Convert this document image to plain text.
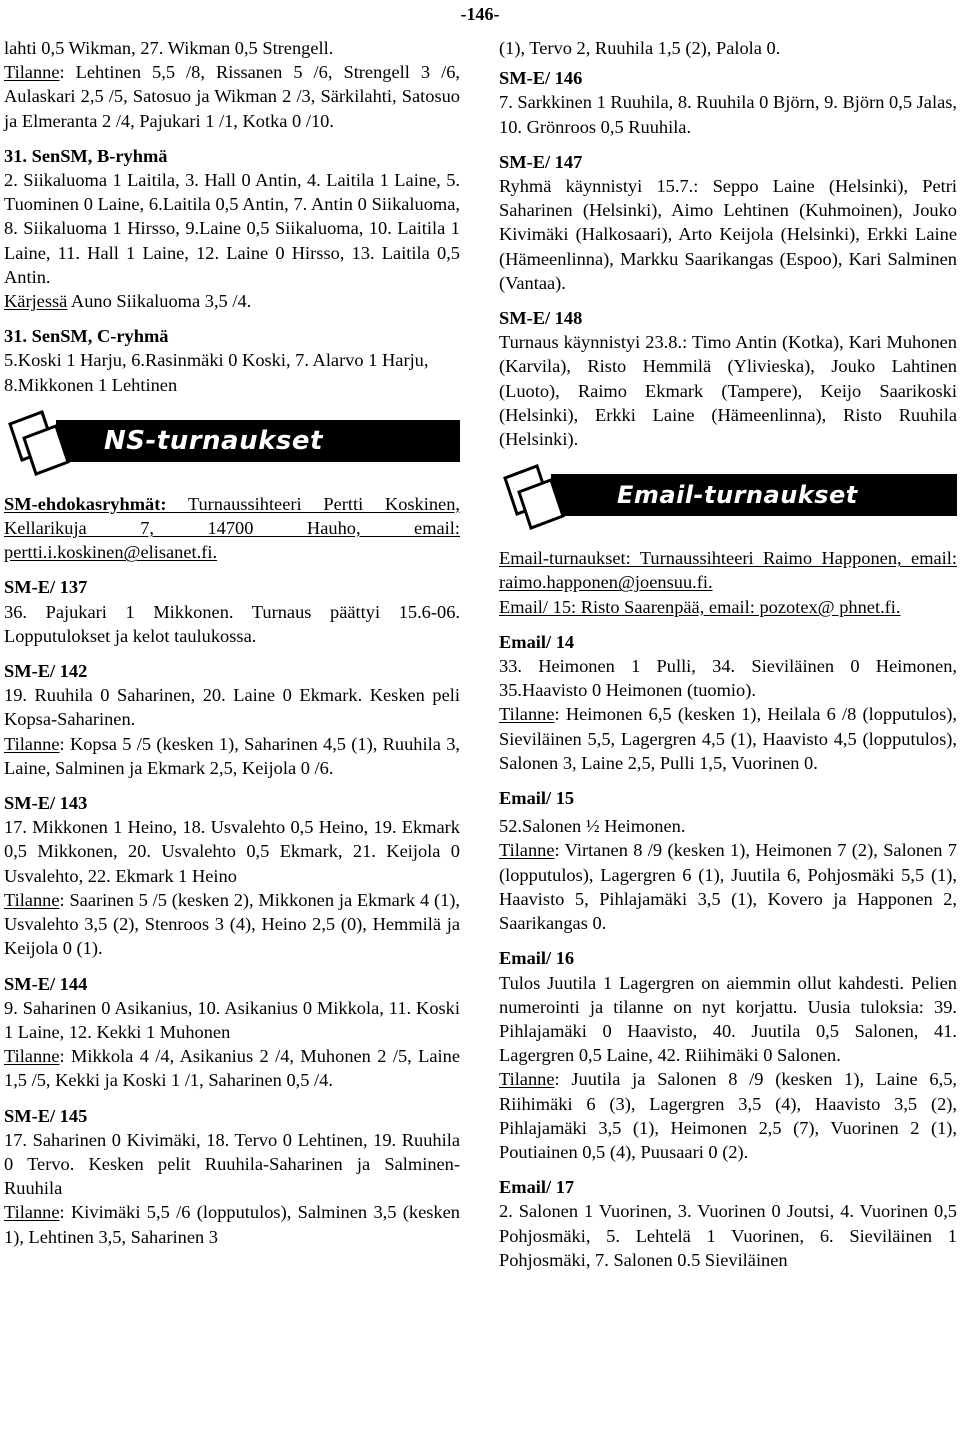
-146-

lahti 0,5 Wikman, 27. Wikman 0,5 Strengell.

Tilanne: Lehtinen 5,5 /8, Rissanen 5 /6, Strengell 3 /6, Aulaskari 2,5 /5, Satosuo ja Wikman 2 /3, Särkilahti, Satosuo ja Elmeranta 2 /4, Pajukari 1 /1, Kotka 0 /10.

31. SenSM, B-ryhmä

2. Siikaluoma 1 Laitila, 3. Hall 0 Antin, 4. Laitila 1 Laine, 5. Tuominen 0 Laine, 6.Laitila 0,5 Antin, 7. Antin 0 Siikaluoma, 8. Siikaluoma 1 Hirsso, 9.Laine 0,5 Siikaluoma, 10. Laitila 1 Laine, 11. Hall 1 Laine, 12. Laine 0 Hirsso, 13. Laitila 0,5 Antin.

Kärjessä Auno Siikaluoma 3,5 /4.

31. SenSM, C-ryhmä

5.Koski 1 Harju, 6.Rasinmäki 0 Koski, 7. Alarvo 1 Harju, 8.Mikkonen 1 Lehtinen

NS-turnaukset

SM-ehdokasryhmät: Turnaussihteeri Pertti Koskinen, Kellarikuja 7, 14700 Hauho, email: pertti.i.koskinen@elisanet.fi.

SM-E/ 137

36. Pajukari 1 Mikkonen. Turnaus päättyi 15.6-06. Lopputulokset ja kelot taulukossa.

SM-E/ 142

19. Ruuhila 0 Saharinen, 20. Laine 0 Ekmark. Kesken peli Kopsa-Saharinen.

Tilanne: Kopsa 5 /5 (kesken 1), Saharinen 4,5 (1), Ruuhila 3, Laine, Salminen ja Ekmark 2,5, Keijola 0 /6.

SM-E/ 143

17. Mikkonen 1 Heino, 18. Usvalehto 0,5 Heino, 19. Ekmark 0,5 Mikkonen, 20. Usvalehto 0,5 Ekmark, 21. Keijola 0 Usvalehto, 22. Ekmark 1 Heino

Tilanne: Saarinen 5 /5 (kesken 2), Mikkonen ja Ekmark 4 (1), Usvalehto 3,5 (2), Stenroos 3 (4), Heino 2,5 (0), Hemmilä ja Keijola 0 (1).

SM-E/ 144

9. Saharinen 0 Asikanius, 10. Asikanius 0 Mikkola, 11. Koski 1 Laine, 12. Kekki 1 Muhonen

Tilanne: Mikkola 4 /4, Asikanius 2 /4, Muhonen 2 /5, Laine 1,5 /5, Kekki ja Koski 1 /1, Saharinen 0,5 /4.

SM-E/ 145

17. Saharinen 0 Kivimäki, 18. Tervo 0 Lehtinen, 19. Ruuhila 0 Tervo. Kesken pelit Ruuhila-Saharinen ja Salminen-Ruuhila

Tilanne: Kivimäki 5,5 /6 (lopputulos), Salminen 3,5 (kesken 1), Lehtinen 3,5, Saharinen 3

(1), Tervo 2, Ruuhila 1,5 (2), Palola 0.

SM-E/ 146

7. Sarkkinen 1 Ruuhila, 8. Ruuhila 0 Björn, 9. Björn 0,5 Jalas, 10. Grönroos 0,5 Ruuhila.

SM-E/ 147

Ryhmä käynnistyi 15.7.: Seppo Laine (Helsinki), Petri Saharinen (Helsinki), Aimo Lehtinen (Kuhmoinen), Jouko Kivimäki (Halkosaari), Arto Keijola (Helsinki), Erkki Laine (Hämeenlinna), Markku Saarikangas (Espoo), Kari Salminen (Vantaa).

SM-E/ 148

Turnaus käynnistyi 23.8.: Timo Antin (Kotka), Kari Muhonen (Karvila), Risto Hemmilä (Ylivieska), Jouko Lahtinen (Luoto), Raimo Ekmark (Tampere), Keijo Saarikoski (Helsinki), Erkki Laine (Hämeenlinna), Risto Ruuhila (Helsinki).

Email-turnaukset

Email-turnaukset: Turnaussihteeri Raimo Happonen, email: raimo.happonen@joensuu.fi.

Email/ 15: Risto Saarenpää, email: pozotex@ phnet.fi.

Email/ 14

33. Heimonen 1 Pulli, 34. Sieviläinen 0 Heimonen, 35.Haavisto 0 Heimonen (tuomio).

Tilanne: Heimonen 6,5 (kesken 1), Heilala 6 /8 (lopputulos), Sieviläinen 5,5, Lagergren 4,5 (1), Haavisto 4,5 (lopputulos), Salonen 3, Laine 2,5, Pulli 1,5, Vuorinen 0.

Email/ 15

52.Salonen ½ Heimonen.

Tilanne: Virtanen 8 /9 (kesken 1), Heimonen 7 (2), Salonen 7 (lopputulos), Lagergren 6 (1), Juutila 6, Pohjosmäki 5,5 (1), Haavisto 5, Pihlajamäki 3,5 (1), Kovero ja Happonen 2, Saarikangas 0.

Email/ 16

Tulos Juutila 1 Lagergren on aiemmin ollut kahdesti. Pelien numerointi ja tilanne on nyt korjattu. Uusia tuloksia: 39. Pihlajamäki 0 Haavisto, 40. Juutila 0,5 Salonen, 41. Lagergren 0,5 Laine, 42. Riihimäki 0 Salonen.

Tilanne: Juutila ja Salonen 8 /9 (kesken 1), Laine 6,5, Riihimäki 6 (3), Lagergren 3,5 (4), Haavisto 3,5 (2), Pihlajamäki 3,5 (1), Heimonen 2,5 (7), Vuorinen 2 (1), Poutiainen 0,5 (4), Puusaari 0 (2).

Email/ 17

2. Salonen 1 Vuorinen, 3. Vuorinen 0 Joutsi, 4. Vuorinen 0,5 Pohjosmäki, 5. Lehtelä 1 Vuorinen, 6. Sieviläinen 1 Pohjosmäki, 7. Salonen 0.5 Sieviläinen
